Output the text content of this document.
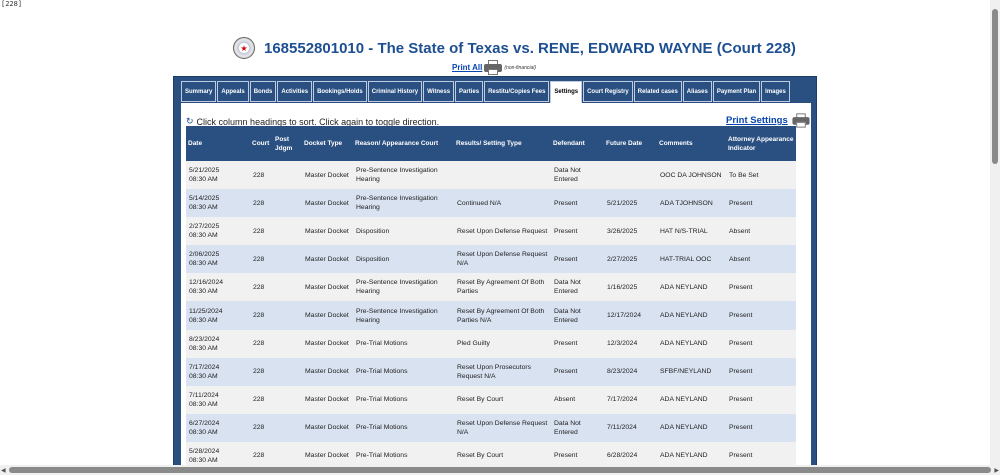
[228]
★ 168552801010 - The State of Texas vs. RENE, EDWARD WAYNE (Court 228)
Print All	(non-financial)
Summary	Appeals	Bonds	Activities	Bookings/Holds	Criminal History	Witness	Parties	Restitu/Copies Fees	Settings	Court Registry	Related cases	Aliases	Payment Plan	Images
↻ Click column headings to sort. Click again to toggle direction.	Print Settings
Date	Court	Post Jdgm	Docket Type	Reason/ Appearance Court	Results/ Setting Type	Defendant	Future Date	Comments	Attorney Appearance Indicator

5/21/2025
08:30 AM	228		Master Docket	Pre-Sentence Investigation Hearing		Data Not Entered		OOC DA JOHNSON	To Be Set

5/14/2025
08:30 AM	228		Master Docket	Pre-Sentence Investigation Hearing	Continued N/A	Present	5/21/2025	ADA TJOHNSON	Present

2/27/2025
08:30 AM	228		Master Docket	Disposition	Reset Upon Defense Request	Present	3/26/2025	HAT N/S-TRIAL	Absent

2/06/2025
08:30 AM	228		Master Docket	Disposition	Reset Upon Defense Request N/A	Present	2/27/2025	HAT-TRIAL OOC	Absent

12/16/2024
08:30 AM	228		Master Docket	Pre-Sentence Investigation Hearing	Reset By Agreement Of Both Parties	Data Not Entered	1/16/2025	ADA NEYLAND	Present

11/25/2024
08:30 AM	228		Master Docket	Pre-Sentence Investigation Hearing	Reset By Agreement Of Both Parties N/A	Data Not Entered	12/17/2024	ADA NEYLAND	Present

8/23/2024
08:30 AM	228		Master Docket	Pre-Trial Motions	Pled Guilty	Present	12/3/2024	ADA NEYLAND	Present

7/17/2024
08:30 AM	228		Master Docket	Pre-Trial Motions	Reset Upon Prosecutors Request N/A	Present	8/23/2024	SFBF/NEYLAND	Present

7/11/2024
08:30 AM	228		Master Docket	Pre-Trial Motions	Reset By Court	Absent	7/17/2024	ADA NEYLAND	Present

6/27/2024
08:30 AM	228		Master Docket	Pre-Trial Motions	Reset Upon Defense Request N/A	Data Not Entered	7/11/2024	ADA NEYLAND	Present

5/28/2024
08:30 AM	228		Master Docket	Pre-Trial Motions	Reset By Court	Present	6/28/2024	ADA NEYLAND	Present
◀	▶
